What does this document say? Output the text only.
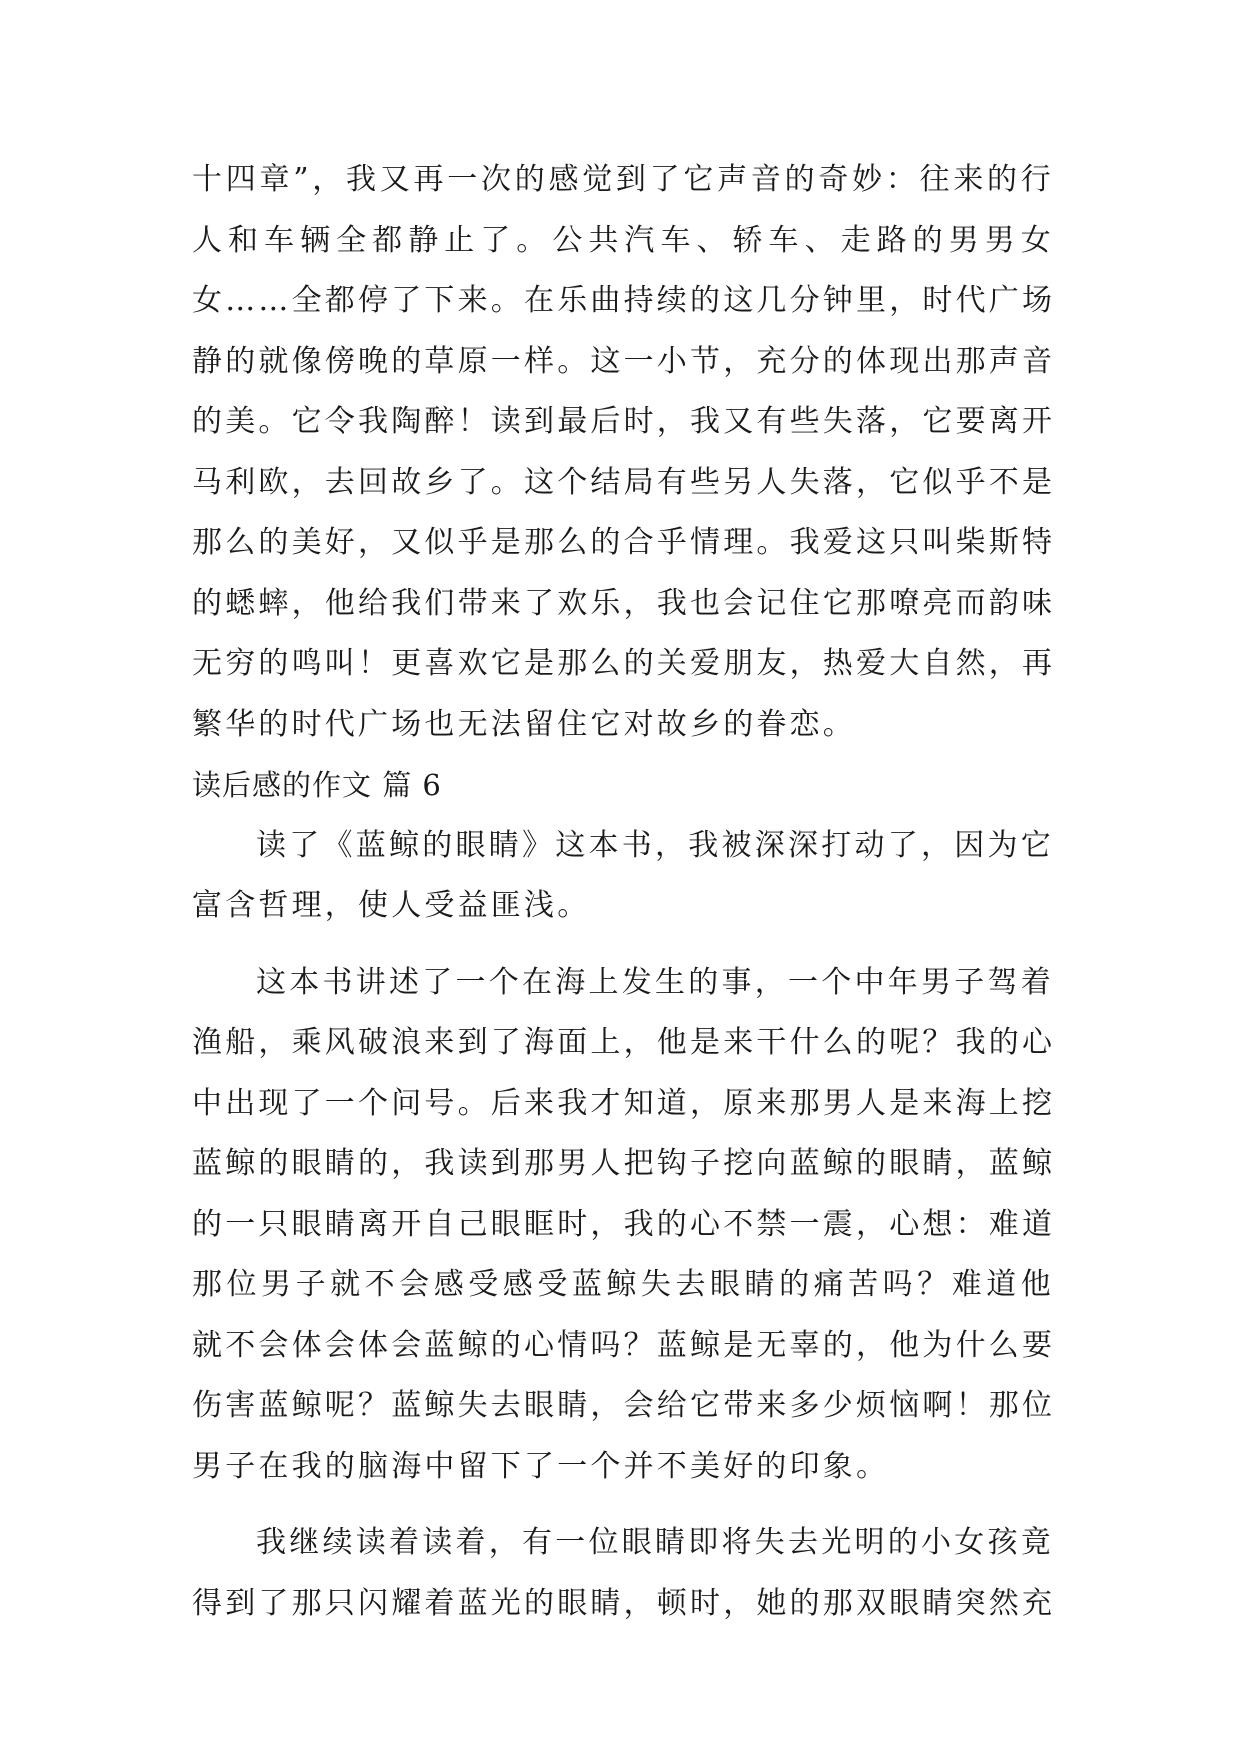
十四章”，我又再一次的感觉到了它声音的奇妙：往来的行
人和车辆全都静止了。公共汽车、轿车、走路的男男女
女……全都停了下来。在乐曲持续的这几分钟里，时代广场
静的就像傍晚的草原一样。这一小节，充分的体现出那声音
的美。它令我陶醉！读到最后时，我又有些失落，它要离开
马利欧，去回故乡了。这个结局有些另人失落，它似乎不是
那么的美好，又似乎是那么的合乎情理。我爱这只叫柴斯特
的蟋蟀，他给我们带来了欢乐，我也会记住它那嘹亮而韵味
无穷的鸣叫！更喜欢它是那么的关爱朋友，热爱大自然，再
繁华的时代广场也无法留住它对故乡的眷恋。
读后感的作文 篇 6
读了《蓝鲸的眼睛》这本书，我被深深打动了，因为它
富含哲理，使人受益匪浅。
这本书讲述了一个在海上发生的事，一个中年男子驾着
渔船，乘风破浪来到了海面上，他是来干什么的呢？我的心
中出现了一个问号。后来我才知道，原来那男人是来海上挖
蓝鲸的眼睛的，我读到那男人把钩子挖向蓝鲸的眼睛，蓝鲸
的一只眼睛离开自己眼眶时，我的心不禁一震，心想：难道
那位男子就不会感受感受蓝鲸失去眼睛的痛苦吗？难道他
就不会体会体会蓝鲸的心情吗？蓝鲸是无辜的，他为什么要
伤害蓝鲸呢？蓝鲸失去眼睛，会给它带来多少烦恼啊！那位
男子在我的脑海中留下了一个并不美好的印象。
我继续读着读着，有一位眼睛即将失去光明的小女孩竟
得到了那只闪耀着蓝光的眼睛，顿时，她的那双眼睛突然充
